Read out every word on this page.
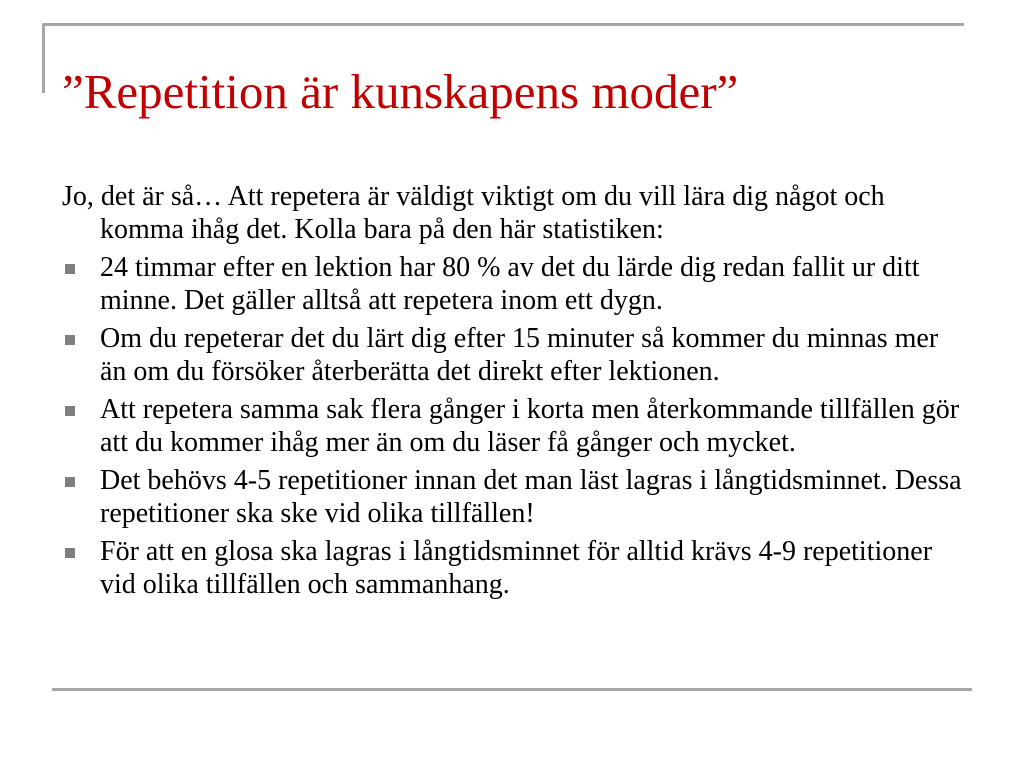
”Repetition är kunskapens moder”

Jo, det är så… Att repetera är väldigt viktigt om du vill lära dig något och komma ihåg det. Kolla bara på den här statistiken:

24 timmar efter en lektion har 80 % av det du lärde dig redan fallit ur ditt minne. Det gäller alltså att repetera inom ett dygn.
Om du repeterar det du lärt dig efter 15 minuter så kommer du minnas mer än om du försöker återberätta det direkt efter lektionen.
Att repetera samma sak flera gånger i korta men återkommande tillfällen gör att du kommer ihåg mer än om du läser få gånger och mycket.
Det behövs 4-5 repetitioner innan det man läst lagras i långtidsminnet. Dessa repetitioner ska ske vid olika tillfällen!
För att en glosa ska lagras i långtidsminnet för alltid krävs 4-9 repetitioner vid olika tillfällen och sammanhang.
